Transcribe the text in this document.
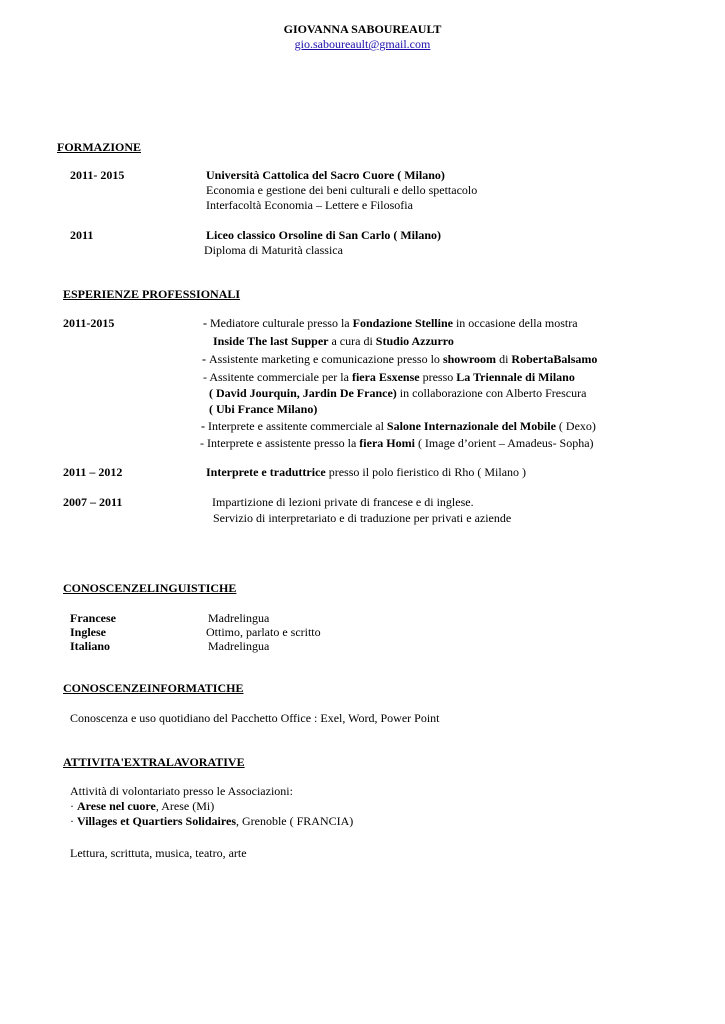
GIOVANNA SABOUREAULT
gio.saboureault@gmail.com
FORMAZIONE
2011- 2015	Università Cattolica del Sacro Cuore ( Milano)
Economia e gestione dei beni culturali e dello spettacolo
Interfacoltà Economia – Lettere e Filosofia
2011	Liceo classico Orsoline di San Carlo ( Milano)
Diploma di Maturità classica
ESPERIENZE PROFESSIONALI
2011-2015	- Mediatore culturale presso la Fondazione Stelline in occasione della mostra
Inside The last Supper a cura di Studio Azzurro
- Assistente marketing e comunicazione presso lo showroom di RobertaBalsamo
- Assitente commerciale per la fiera Esxense presso La Triennale di Milano
( David Jourquin, Jardin De France) in collaborazione con Alberto Frescura
( Ubi France Milano)
- Interprete e assitente commerciale al Salone Internazionale del Mobile ( Dexo)
- Interprete e assistente presso la fiera Homi ( Image d’orient – Amadeus- Sopha)
2011 – 2012	Interprete e traduttrice presso il polo fieristico di Rho ( Milano )
2007 – 2011	Impartizione di lezioni private di francese e di inglese.
Servizio di interpretariato e di traduzione per privati e aziende
CONOSCENZELINGUISTICHE
Francese	Madrelingua
Inglese	Ottimo, parlato e scritto
Italiano	Madrelingua
CONOSCENZEINFORMATICHE
Conoscenza e uso quotidiano del Pacchetto Office : Exel, Word, Power Point
ATTIVITA'EXTRALAVORATIVE
Attività di volontariato presso le Associazioni:
· Arese nel cuore, Arese (Mi)
· Villages et Quartiers Solidaires, Grenoble ( FRANCIA)
Lettura, scrittuta, musica, teatro, arte
